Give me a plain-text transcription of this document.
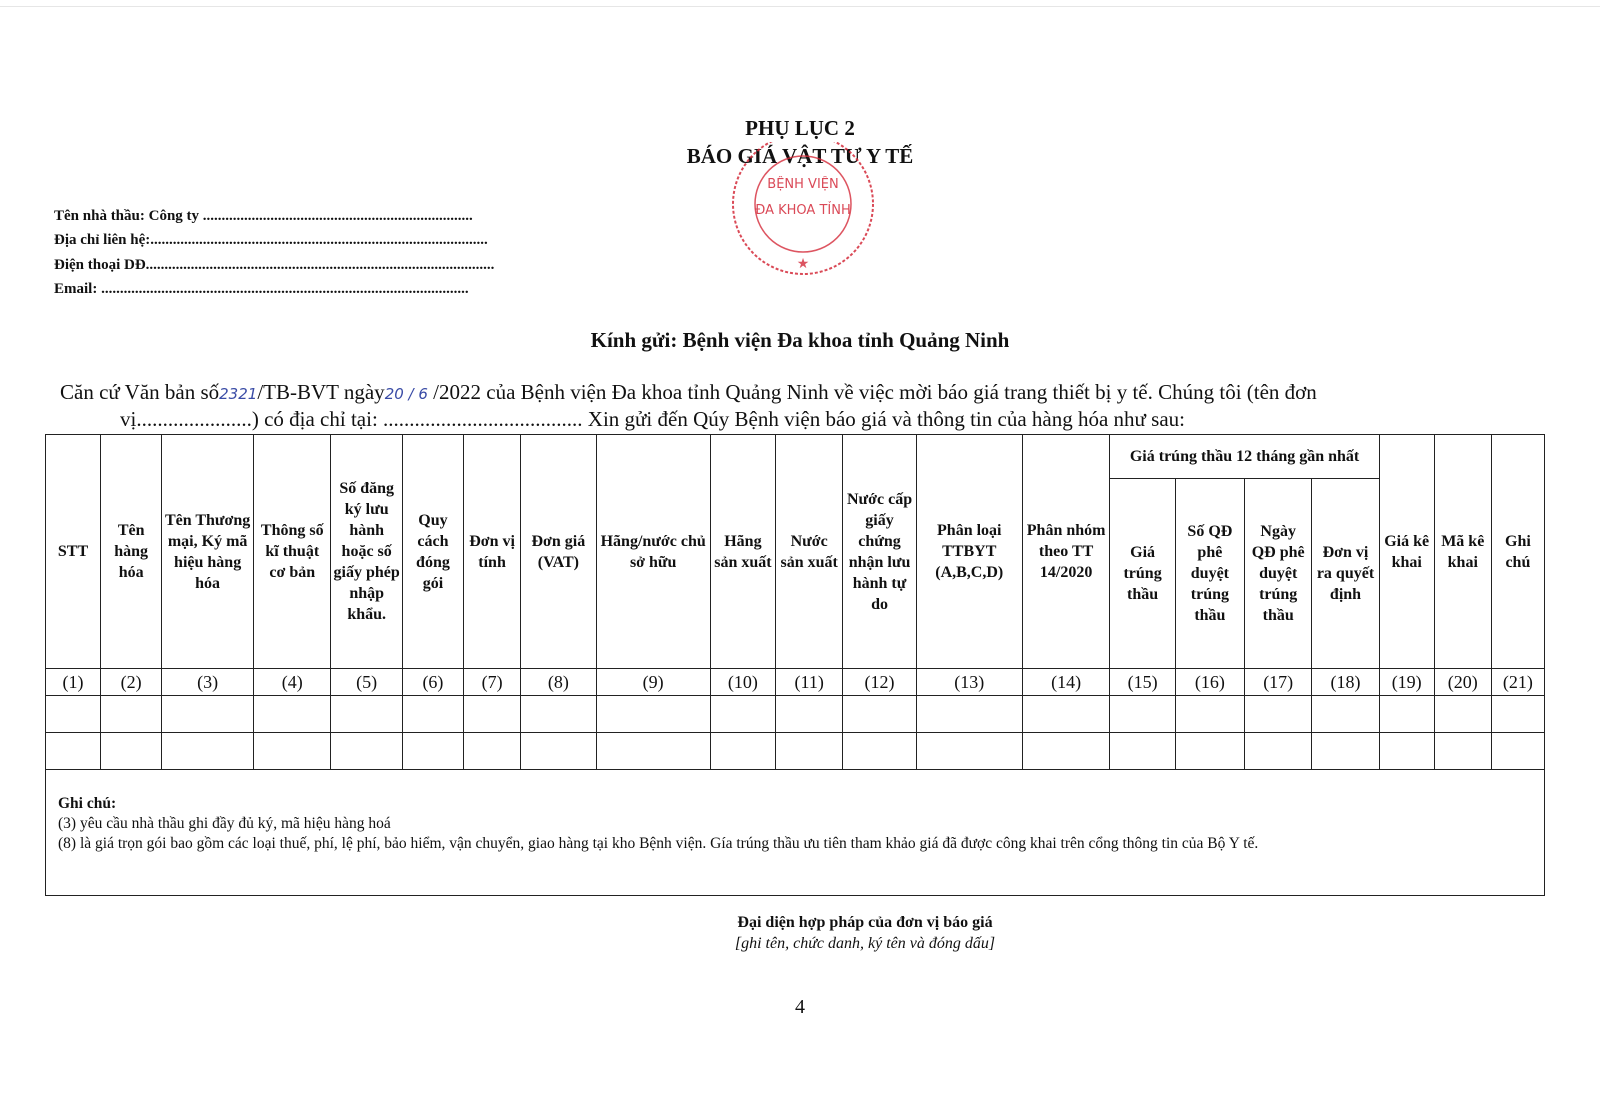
PHỤ LỤC 2
BÁO GIÁ VẬT TƯ Y TẾ
BỆNH VIỆN
ĐA KHOA TỈNH
★
Tên nhà thầu: Công ty ........................................................................
Địa chỉ liên hệ:..........................................................................................
Điện thoại DĐ.............................................................................................
Email: ..................................................................................................
Kính gửi: Bệnh viện Đa khoa tỉnh Quảng Ninh
Căn cứ Văn bản số2321/TB-BVT ngày20 / 6 /2022 của Bệnh viện Đa khoa tỉnh Quảng Ninh về việc mời báo giá trang thiết bị y tế. Chúng tôi (tên đơn
vị......................) có địa chỉ tại: ...................................... Xin gửi đến Qúy Bệnh viện báo giá và thông tin của hàng hóa như sau:
STT	Tên hàng hóa	Tên Thương mại, Ký mã hiệu hàng hóa	Thông số kĩ thuật cơ bản	Số đăng ký lưu hành hoặc số giấy phép nhập khẩu.	Quy cách đóng gói	Đơn vị tính	Đơn giá (VAT)	Hãng/nước chủ sở hữu	Hãng sản xuất	Nước sản xuất	Nước cấp giấy chứng nhận lưu hành tự do	Phân loại TTBYT (A,B,C,D)	Phân nhóm theo TT 14/2020	Giá trúng thầu 12 tháng gần nhất				Giá kê khai	Mã kê khai	Ghi chú
														Giá trúng thầu	Số QĐ phê duyệt trúng thầu	Ngày QĐ phê duyệt trúng thầu	Đơn vị ra quyết định			
(1)	(2)	(3)	(4)	(5)	(6)	(7)	(8)	(9)	(10)	(11)	(12)	(13)	(14)	(15)	(16)	(17)	(18)	(19)	(20)	(21)

Ghi chú:
(3) yêu cầu nhà thầu ghi đầy đủ ký, mã hiệu hàng hoá
(8) là giá trọn gói bao gồm các loại thuế, phí, lệ phí, bảo hiểm, vận chuyển, giao hàng tại kho Bệnh viện. Gía trúng thầu ưu tiên tham khảo giá đã được công khai trên cổng thông tin của Bộ Y tế.
Đại diện hợp pháp của đơn vị báo giá
[ghi tên, chức danh, ký tên và đóng dấu]
4
